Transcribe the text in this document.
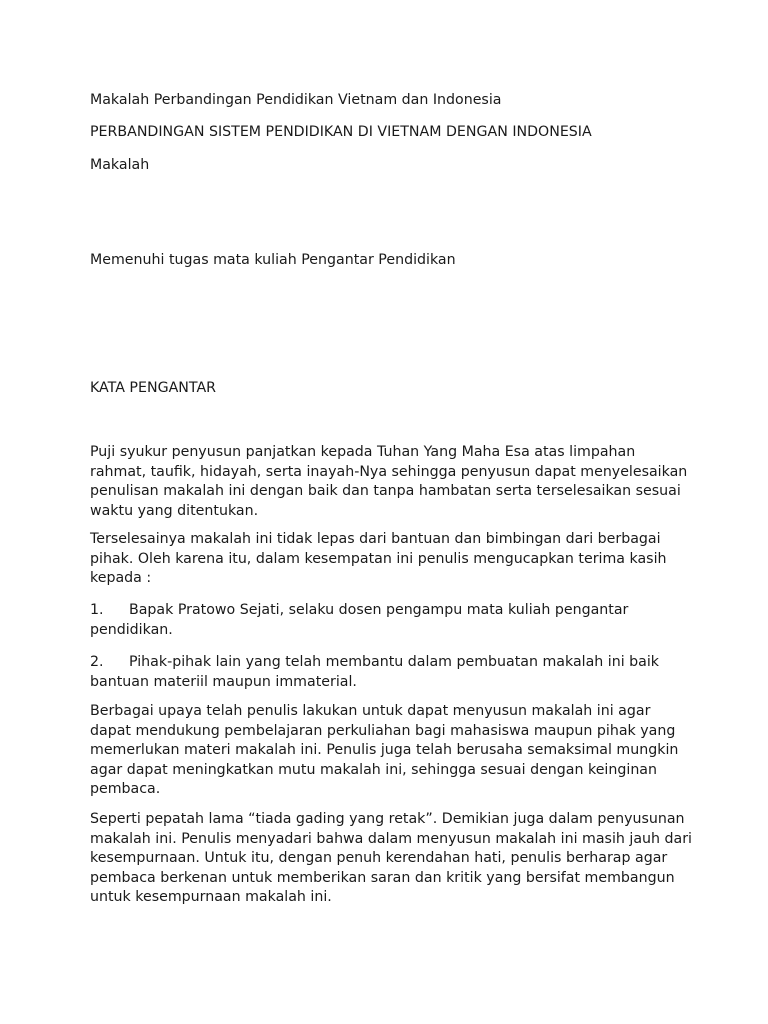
Makalah Perbandingan Pendidikan Vietnam dan Indonesia

PERBANDINGAN SISTEM PENDIDIKAN DI VIETNAM DENGAN INDONESIA

Makalah

Memenuhi tugas mata kuliah Pengantar Pendidikan

KATA PENGANTAR

Puji syukur penyusun panjatkan kepada Tuhan Yang Maha Esa atas limpahan
rahmat, taufik, hidayah, serta inayah-Nya sehingga penyusun dapat menyelesaikan
penulisan makalah ini dengan baik dan tanpa hambatan serta terselesaikan sesuai
waktu yang ditentukan.
Terselesainya makalah ini tidak lepas dari bantuan dan bimbingan dari berbagai
pihak. Oleh karena itu, dalam kesempatan ini penulis mengucapkan terima kasih
kepada :
1. Bapak Pratowo Sejati, selaku dosen pengampu mata kuliah pengantar
pendidikan.
2. Pihak-pihak lain yang telah membantu dalam pembuatan makalah ini baik
bantuan materiil maupun immaterial.
Berbagai upaya telah penulis lakukan untuk dapat menyusun makalah ini agar
dapat mendukung pembelajaran perkuliahan bagi mahasiswa maupun pihak yang
memerlukan materi makalah ini. Penulis juga telah berusaha semaksimal mungkin
agar dapat meningkatkan mutu makalah ini, sehingga sesuai dengan keinginan
pembaca.
Seperti pepatah lama “tiada gading yang retak”. Demikian juga dalam penyusunan
makalah ini. Penulis menyadari bahwa dalam menyusun makalah ini masih jauh dari
kesempurnaan. Untuk itu, dengan penuh kerendahan hati, penulis berharap agar
pembaca berkenan untuk memberikan saran dan kritik yang bersifat membangun
untuk kesempurnaan makalah ini.
